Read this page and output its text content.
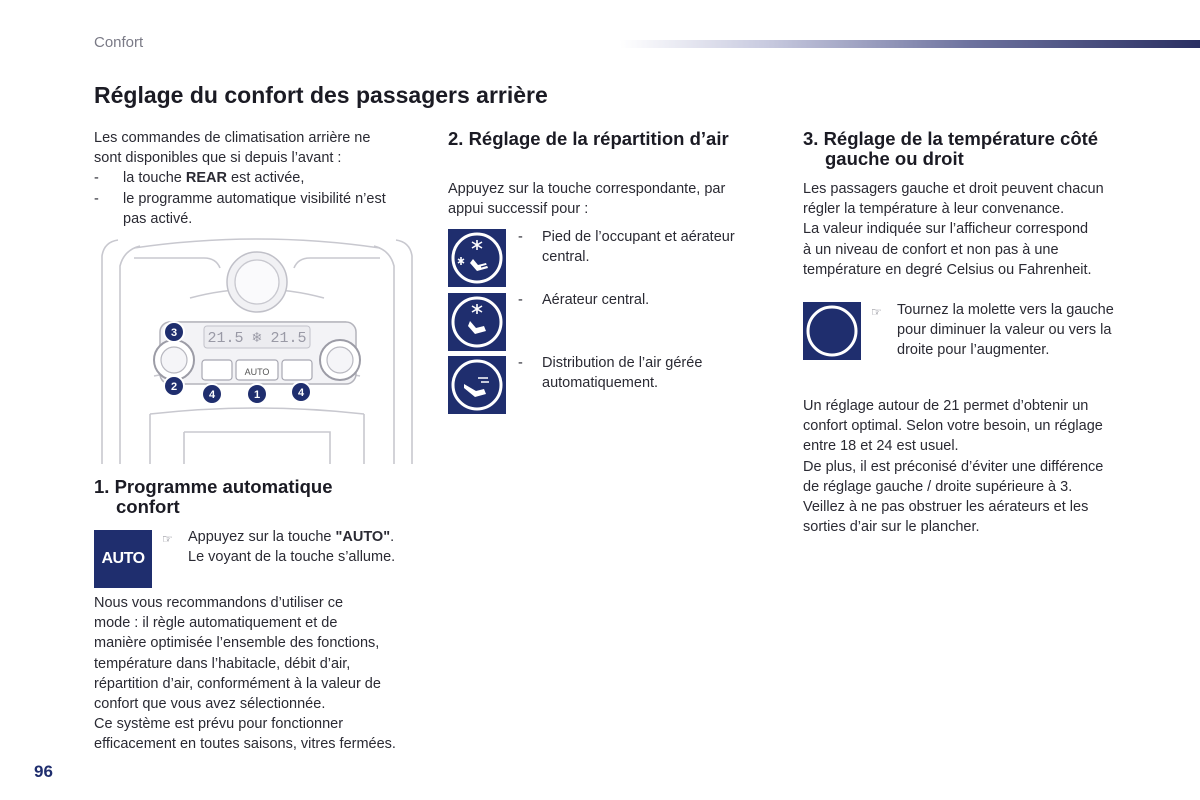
Confort
Réglage du confort des passagers arrière
Les commandes de climatisation arrière ne
sont disponibles que si depuis l’avant :
-	la touche REAR est activée,
-	le programme automatique visibilité n’est
pas activé.
21.5 ❄ 21.5
AUTO
3
2
4	1	4
1. Programme automatique
confort
AUTO
☞	Appuyez sur la touche "AUTO".
Le voyant de la touche s’allume.
Nous vous recommandons d’utiliser ce
mode : il règle automatiquement et de
manière optimisée l’ensemble des fonctions,
température dans l’habitacle, débit d’air,
répartition d’air, conformément à la valeur de
confort que vous avez sélectionnée.
Ce système est prévu pour fonctionner
efficacement en toutes saisons, vitres fermées.
2. Réglage de la répartition d’air
Appuyez sur la touche correspondante, par
appui successif pour :
-	Pied de l’occupant et aérateur
central.
-	Aérateur central.
-	Distribution de l’air gérée
automatiquement.
3. Réglage de la température côté
gauche ou droit
Les passagers gauche et droit peuvent chacun
régler la température à leur convenance.
La valeur indiquée sur l’afficheur correspond
à un niveau de confort et non pas à une
température en degré Celsius ou Fahrenheit.
☞	Tournez la molette vers la gauche
pour diminuer la valeur ou vers la
droite pour l’augmenter.
Un réglage autour de 21 permet d’obtenir un
confort optimal. Selon votre besoin, un réglage
entre 18 et 24 est usuel.
De plus, il est préconisé d’éviter une différence
de réglage gauche / droite supérieure à 3.
Veillez à ne pas obstruer les aérateurs et les
sorties d’air sur le plancher.
96
